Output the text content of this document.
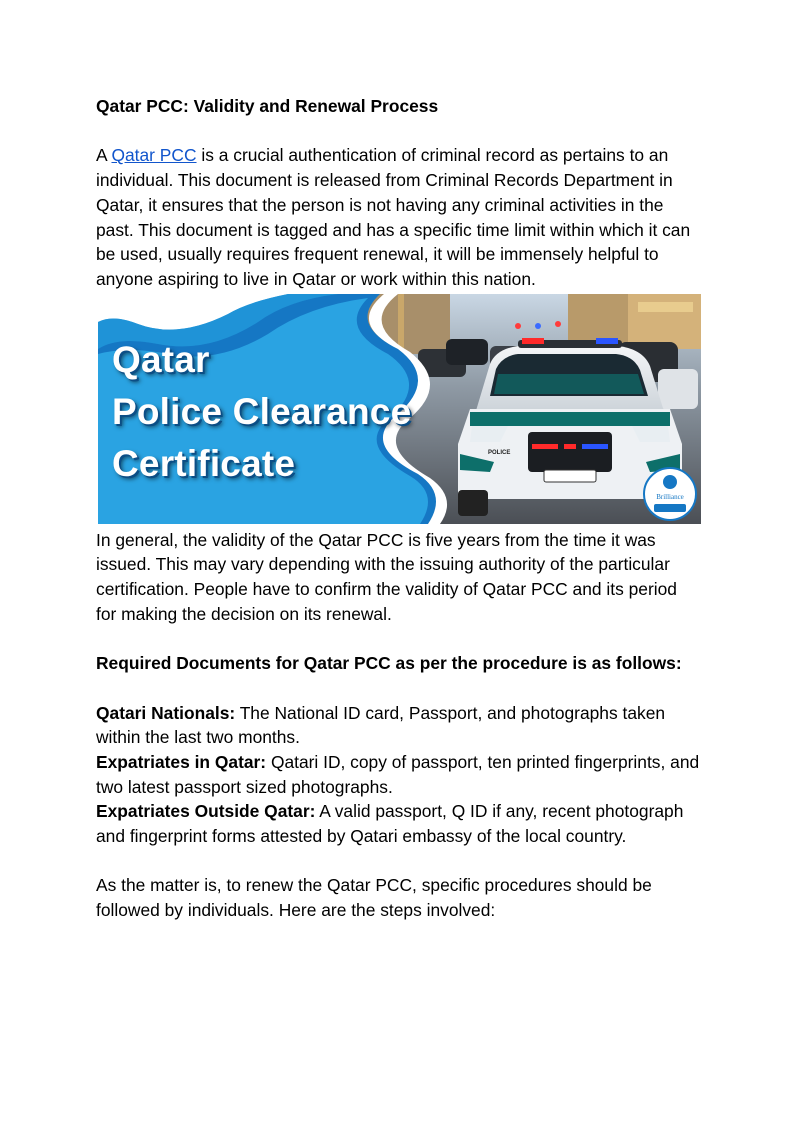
Qatar PCC: Validity and Renewal Process

A Qatar PCC is a crucial authentication of criminal record as pertains to an individual. This document is released from Criminal Records Department in Qatar, it ensures that the person is not having any criminal activities in the past. This document is tagged and has a specific time limit within which it can be used, usually requires frequent renewal, it will be immensely helpful to anyone aspiring to live in Qatar or work within this nation.

Brilliance
POLICE
Qatar
Police Clearance
Certificate

In general, the validity of the Qatar PCC is five years from the time it was issued. This may vary depending with the issuing authority of the particular certification. People have to confirm the validity of Qatar PCC and its period for making the decision on its renewal.

Required Documents for Qatar PCC as per the procedure is as follows:

Qatari Nationals: The National ID card, Passport, and photographs taken within the last two months.

Expatriates in Qatar: Qatari ID, copy of passport, ten printed fingerprints, and two latest passport sized photographs.

Expatriates Outside Qatar: A valid passport, Q ID if any, recent photograph and fingerprint forms attested by Qatari embassy of the local country.

As the matter is, to renew the Qatar PCC, specific procedures should be followed by individuals. Here are the steps involved:
